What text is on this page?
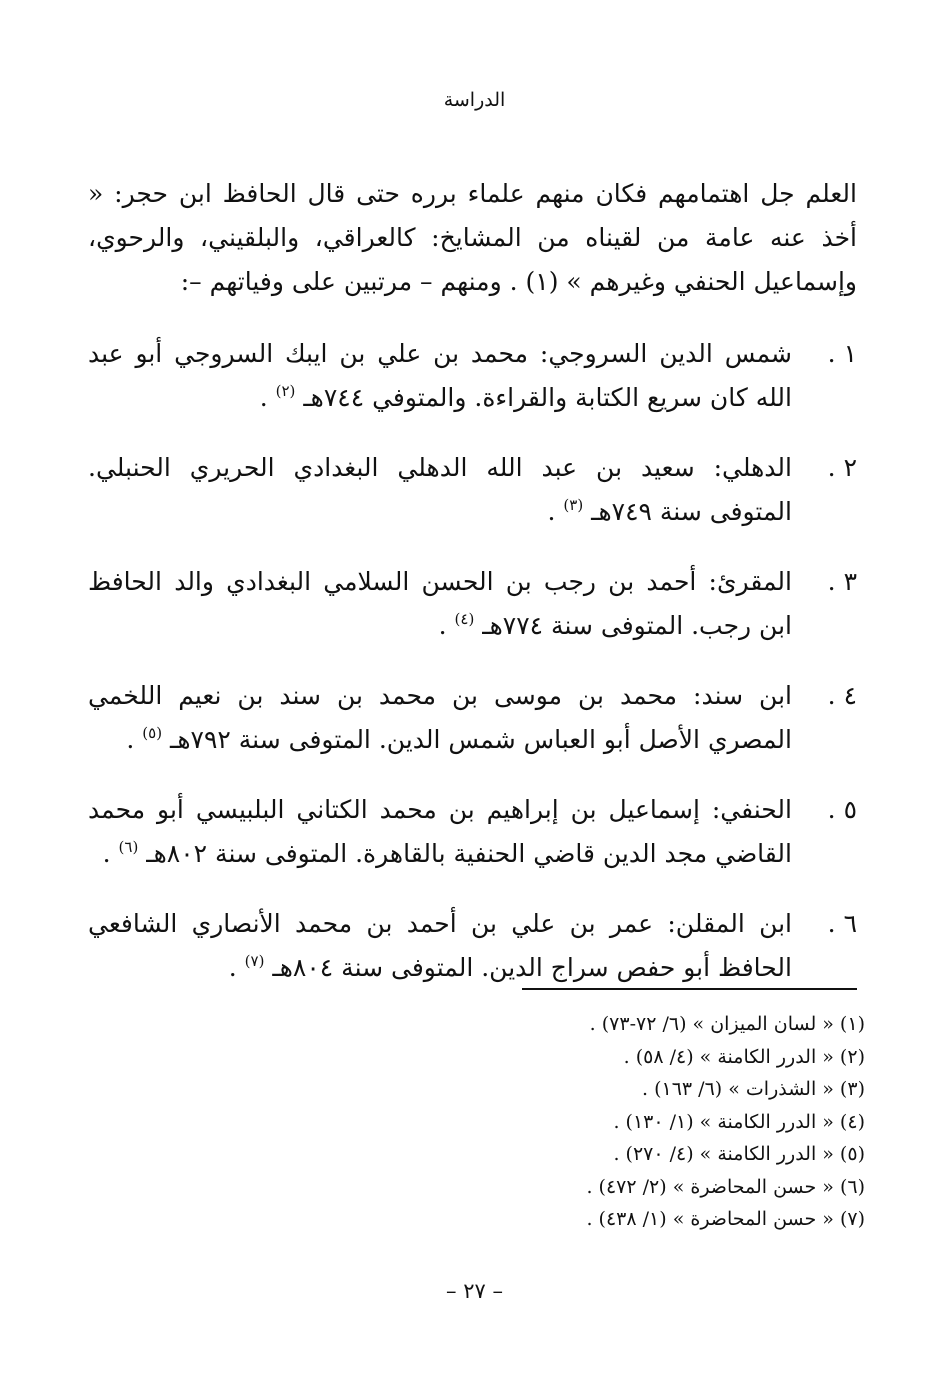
الدراسة

العلم جل اهتمامهم فكان منهم علماء برره حتى قال الحافظ ابن حجر: « أخذ عنه عامة من لقيناه من المشايخ: كالعراقي، والبلقيني، والرحوي، وإسماعيل الحنفي وغيرهم » (١) . ومنهم – مرتبين على وفياتهم –:

١ .
شمس الدين السروجي: محمد بن علي بن ايبك السروجي أبو عبد الله كان سريع الكتابة والقراءة. والمتوفي ٧٤٤هـ $^{(٢)}$ .
٢ .
الدهلي: سعيد بن عبد الله الدهلي البغدادي الحريري الحنبلي. المتوفى سنة ٧٤٩هـ $^{(٣)}$ .
٣ .
المقرئ: أحمد بن رجب بن الحسن السلامي البغدادي والد الحافظ ابن رجب. المتوفى سنة ٧٧٤هـ $^{(٤)}$ .
٤ .
ابن سند: محمد بن موسى بن محمد بن سند بن نعيم اللخمي المصري الأصل أبو العباس شمس الدين. المتوفى سنة ٧٩٢هـ $^{(٥)}$ .
٥ .
الحنفي: إسماعيل بن إبراهيم بن محمد الكتاني البلبيسي أبو محمد القاضي مجد الدين قاضي الحنفية بالقاهرة. المتوفى سنة ٨٠٢هـ $^{(٦)}$ .
٦ .
ابن المقلن: عمر بن علي بن أحمد بن محمد الأنصاري الشافعي الحافظ أبو حفص سراج الدين. المتوفى سنة ٨٠٤هـ $^{(٧)}$ .
(١) « لسان الميزان » (٦/ ٧٢-٧٣) .
(٢) « الدرر الكامنة » (٤/ ٥٨) .
(٣) « الشذرات » (٦/ ١٦٣) .
(٤) « الدرر الكامنة » (١/ ١٣٠) .
(٥) « الدرر الكامنة » (٤/ ٢٧٠) .
(٦) « حسن المحاضرة » (٢/ ٤٧٢) .
(٧) « حسن المحاضرة » (١/ ٤٣٨) .
– ٢٧ –
